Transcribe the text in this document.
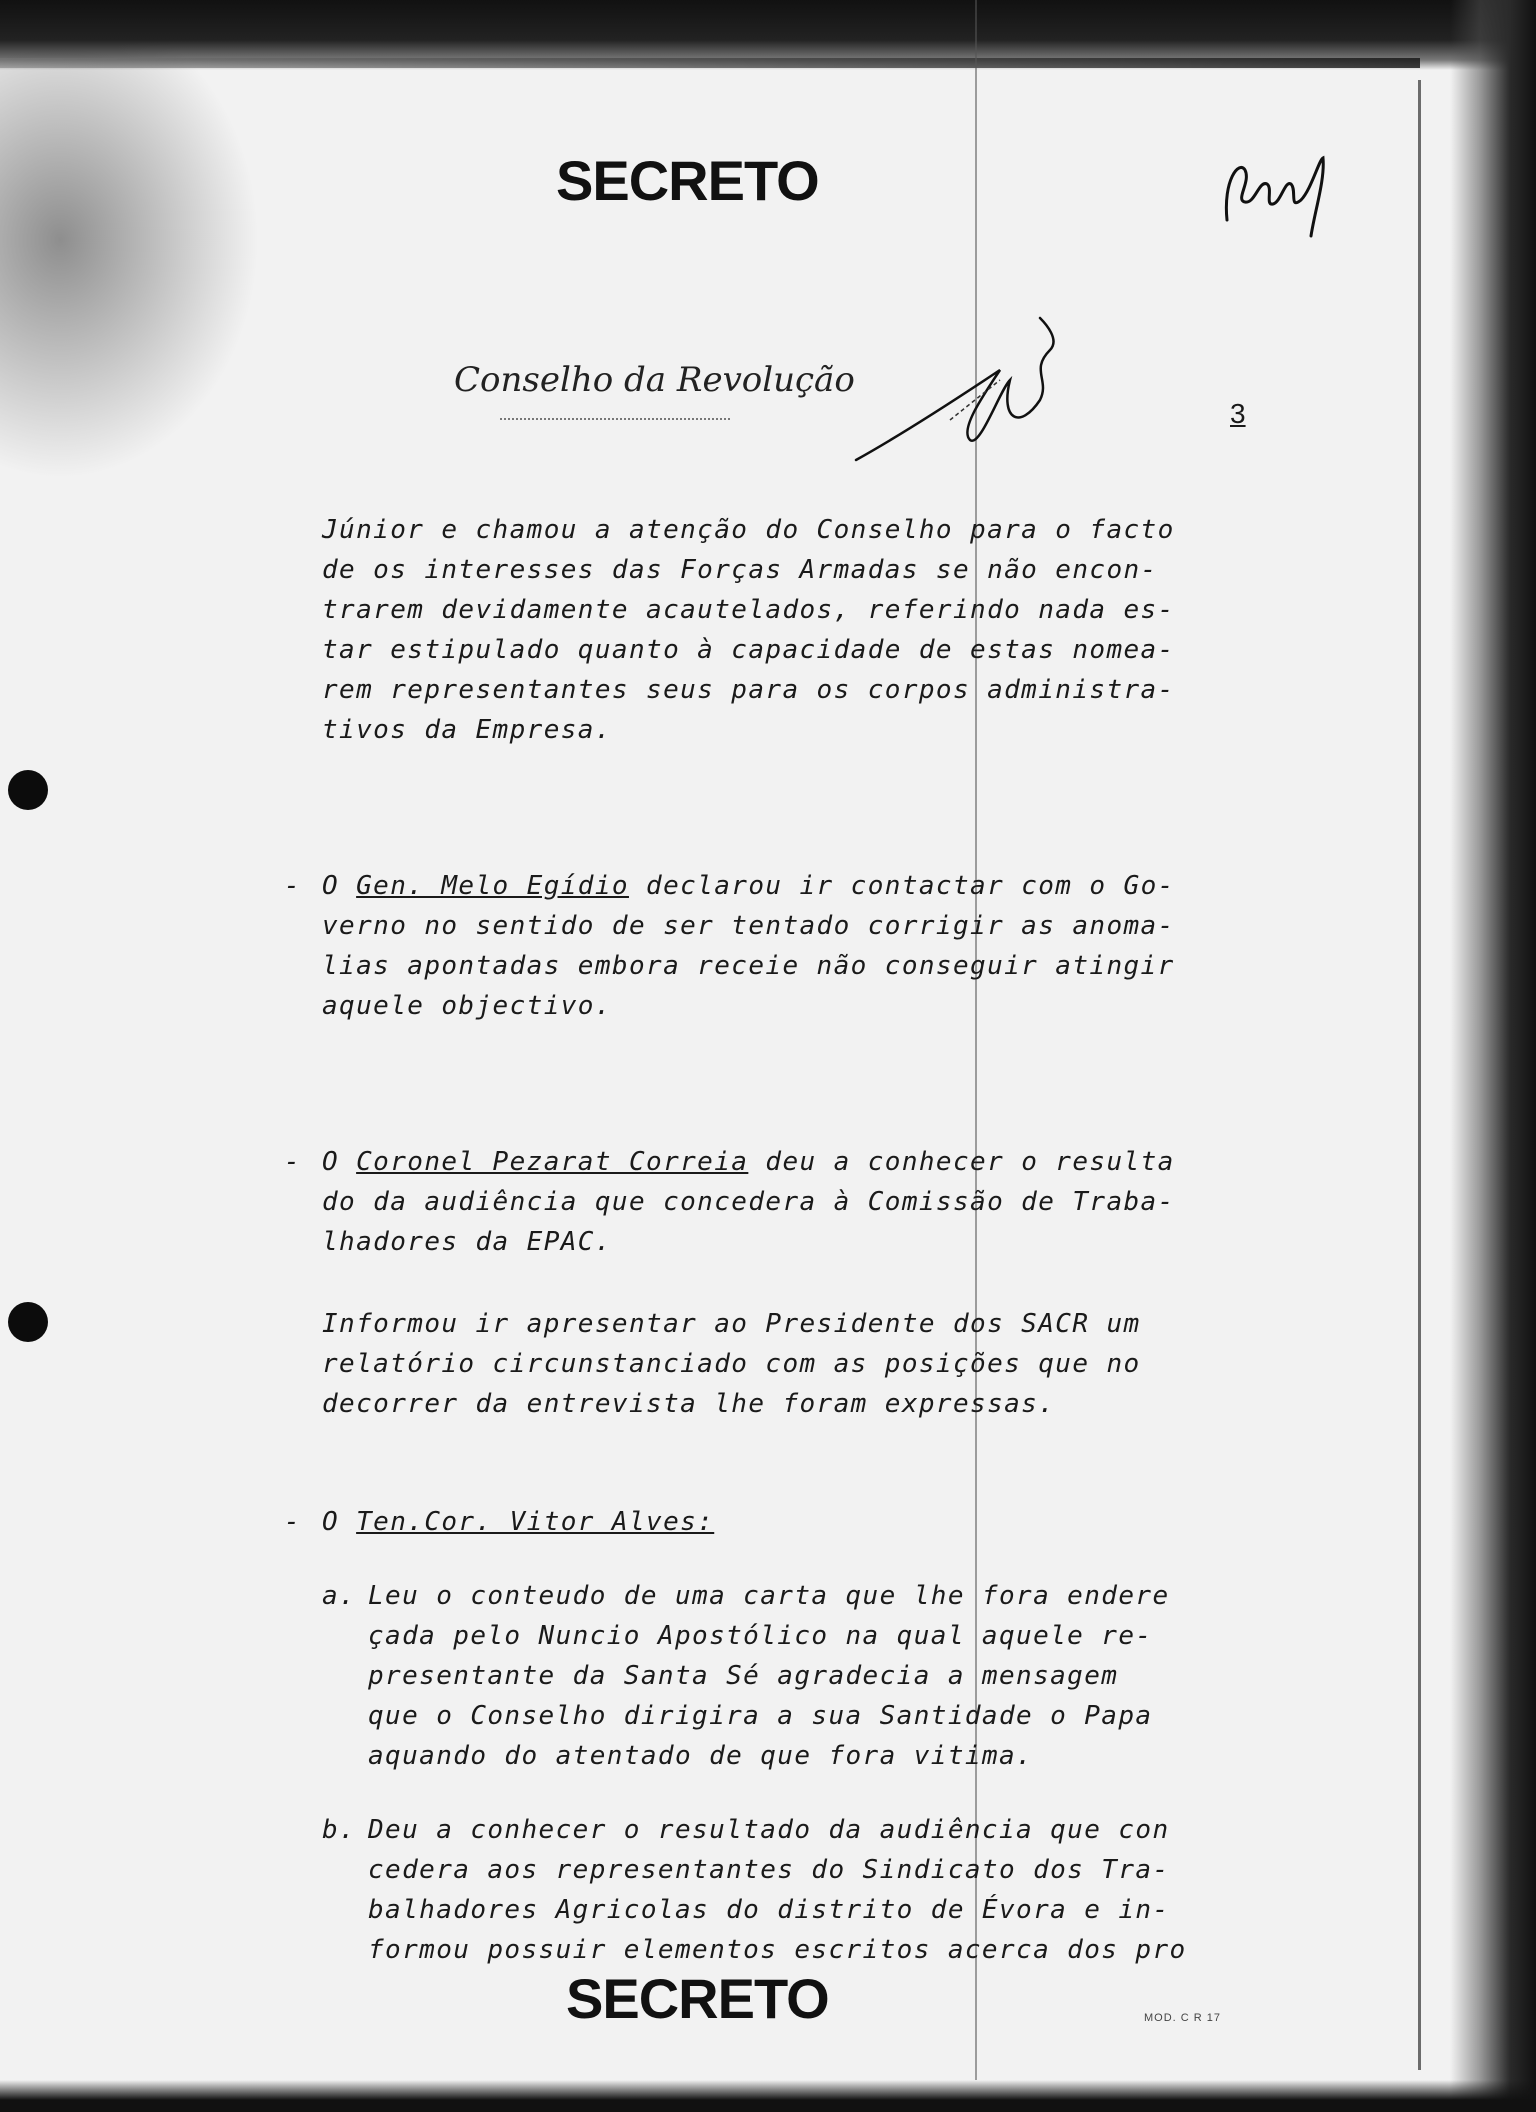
SECRETO
Conselho da Revolução
3

Júnior e chamou a atenção do Conselho para o facto
de os interesses das Forças Armadas se não encon-
trarem devidamente acautelados, referindo nada es-
tar estipulado quanto à capacidade de estas nomea-
rem representantes seus para os corpos administra-
tivos da Empresa.

- O Gen. Melo Egídio declarou ir contactar com o Go-
verno no sentido de ser tentado corrigir as anoma-
lias apontadas embora receie não conseguir atingir
aquele objectivo.

- O Coronel Pezarat Correia deu a conhecer o resulta
do da audiência que concedera à Comissão de Traba-
lhadores da EPAC.

Informou ir apresentar ao Presidente dos SACR um
relatório circunstanciado com as posições que no
decorrer da entrevista lhe foram expressas.

- O Ten.Cor. Vitor Alves:

a. Leu o conteudo de uma carta que lhe fora endere
çada pelo Nuncio Apostólico na qual aquele re-
presentante da Santa Sé agradecia a mensagem
que o Conselho dirigira a sua Santidade o Papa
aquando do atentado de que fora vitima.
b. Deu a conhecer o resultado da audiência que con
cedera aos representantes do Sindicato dos Tra-
balhadores Agricolas do distrito de Évora e in-
formou possuir elementos escritos acerca dos pro
SECRETO	MOD. C R 17
